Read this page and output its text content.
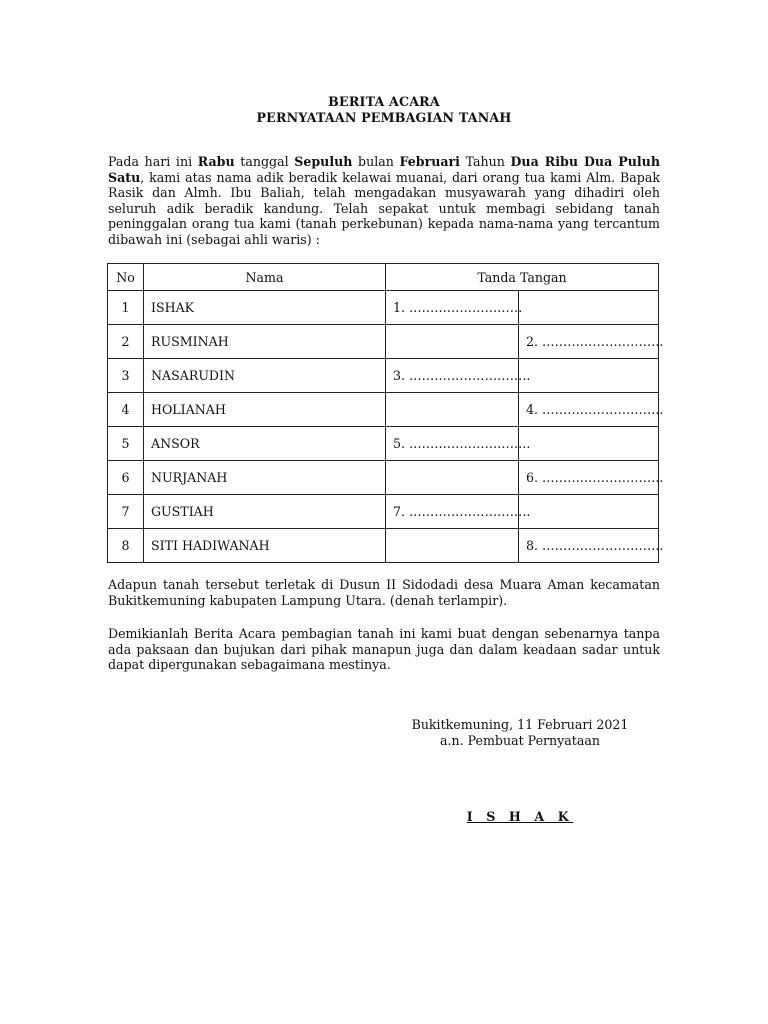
BERITA ACARA
PERNYATAAN PEMBAGIAN TANAH

Pada hari ini Rabu tanggal Sepuluh bulan Februari Tahun Dua Ribu Dua Puluh Satu, kami atas nama adik beradik kelawai muanai, dari orang tua kami Alm. Bapak Rasik dan Almh. Ibu Baliah, telah mengadakan musyawarah yang dihadiri oleh seluruh adik beradik kandung. Telah sepakat untuk membagi sebidang tanah peninggalan orang tua kami (tanah perkebunan) kepada nama-nama yang tercantum dibawah ini (sebagai ahli waris) :

No	Nama	Tanda Tangan	
1	ISHAK	1. ………………………	
2	RUSMINAH		2. ………………………..
3	NASARUDIN	3. ………………………..	
4	HOLIANAH		4. ………………………..
5	ANSOR	5. ………………………..	
6	NURJANAH		6. ………………………..
7	GUSTIAH	7. ………………………..	
8	SITI HADIWANAH		8. ………………………..

Adapun tanah tersebut terletak di Dusun II Sidodadi desa Muara Aman kecamatan Bukitkemuning kabupaten Lampung Utara. (denah terlampir).

Demikianlah Berita Acara pembagian tanah ini kami buat dengan sebenarnya tanpa ada paksaan dan bujukan dari pihak manapun juga dan dalam keadaan sadar untuk dapat dipergunakan sebagaimana mestinya.

Bukitkemuning, 11 Februari 2021
a.n. Pembuat Pernyataan
I S H A K
